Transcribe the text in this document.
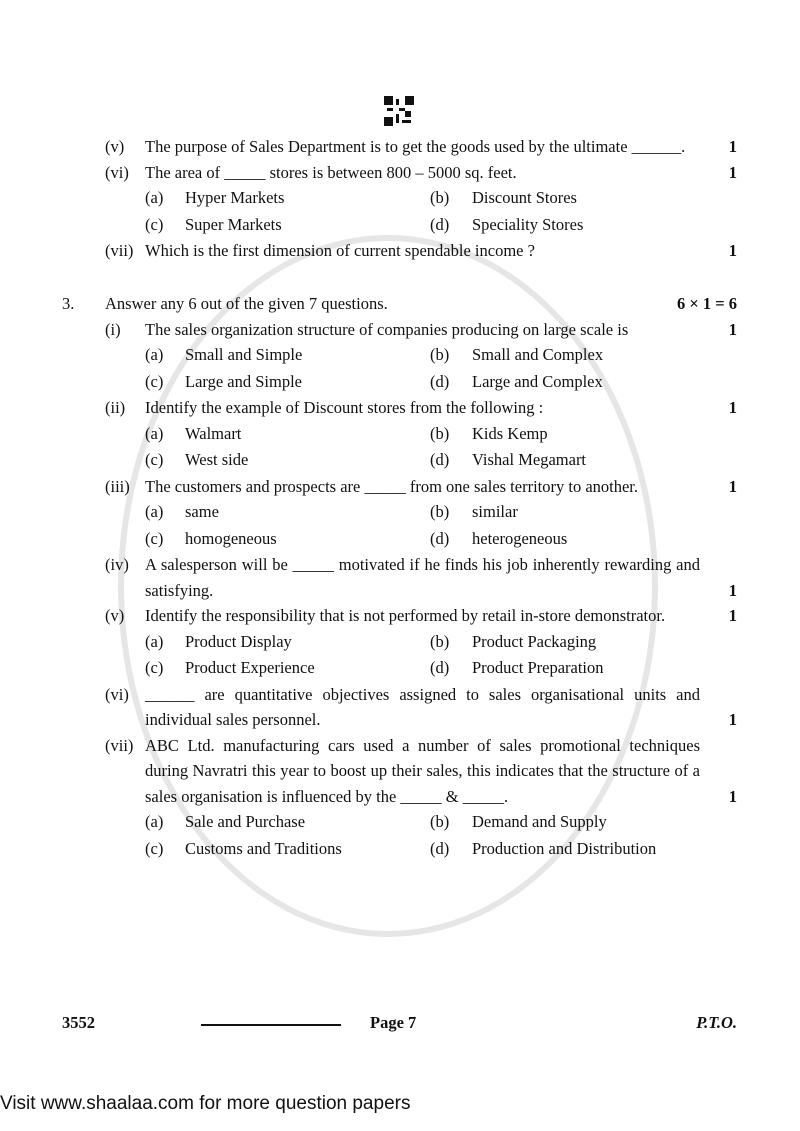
(v)	The purpose of Sales Department is to get the goods used by the ultimate ______.	1
(vi) The area of _____ stores is between 800 – 5000 sq. feet.	1
(a) Hyper Markets	(b) Discount Stores
(c) Super Markets	(d) Speciality Stores
(vii) Which is the first dimension of current spendable income ?	1
3. Answer any 6 out of the given 7 questions.	6 × 1 = 6
(i)	The sales organization structure of companies producing on large scale is	1
(a) Small and Simple	(b) Small and Complex
(c) Large and Simple	(d) Large and Complex
(ii)	Identify the example of Discount stores from the following :	1
(a) Walmart	(b) Kids Kemp
(c) West side	(d) Vishal Megamart
(iii) The customers and prospects are _____ from one sales territory to another.	1
(a) same	(b) similar
(c) homogeneous	(d) heterogeneous
(iv) A salesperson will be _____ motivated if he finds his job inherently rewarding and satisfying.	1
(v)	Identify the responsibility that is not performed by retail in-store demonstrator.	1
(a) Product Display	(b) Product Packaging
(c) Product Experience	(d) Product Preparation
(vi) ______ are quantitative objectives assigned to sales organisational units and individual sales personnel.	1
(vii) ABC Ltd. manufacturing cars used a number of sales promotional techniques during Navratri this year to boost up their sales, this indicates that the structure of a sales organisation is influenced by the _____ & _____.	1
(a) Sale and Purchase	(b) Demand and Supply
(c) Customs and Traditions	(d) Production and Distribution
3552	Page 7	P.T.O.
Visit www.shaalaa.com for more question papers
